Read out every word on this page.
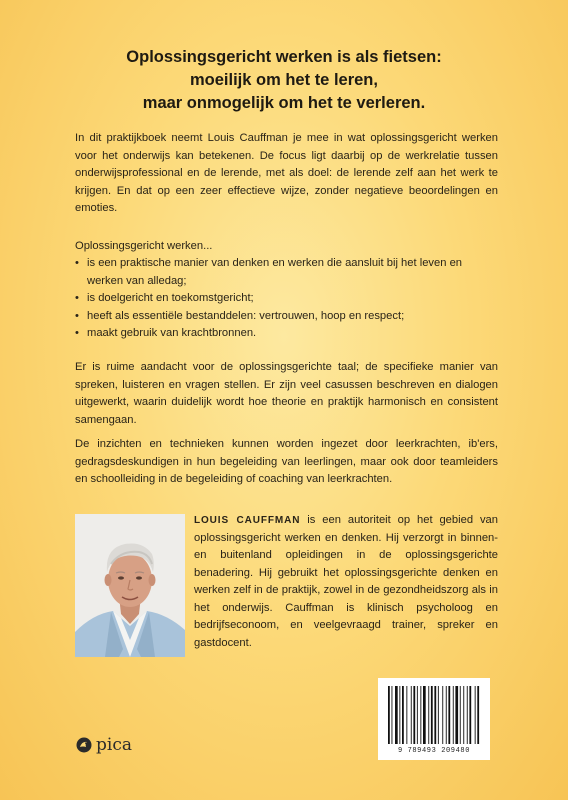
Oplossingsgericht werken is als fietsen:
moeilijk om het te leren,
maar onmogelijk om het te verleren.

In dit praktijkboek neemt Louis Cauffman je mee in wat oplossingsgericht werken voor het onderwijs kan betekenen. De focus ligt daarbij op de werkrelatie tussen onderwijsprofessional en de lerende, met als doel: de lerende zelf aan het werk te krijgen. En dat op een zeer effectieve wijze, zonder negatieve beoordelingen en emoties.

Oplossingsgericht werken...

• is een praktische manier van denken en werken die aansluit bij het leven en werken van alledag;
• is doelgericht en toekomstgericht;
• heeft als essentiële bestanddelen: vertrouwen, hoop en respect;
• maakt gebruik van krachtbronnen.

Er is ruime aandacht voor de oplossingsgerichte taal; de specifieke manier van spreken, luisteren en vragen stellen. Er zijn veel casussen beschreven en dialogen uitgewerkt, waarin duidelijk wordt hoe theorie en praktijk harmonisch en consistent samengaan.

De inzichten en technieken kunnen worden ingezet door leerkrachten, ib'ers, gedragsdeskundigen in hun begeleiding van leerlingen, maar ook door teamleiders en schoolleiding in de begeleiding of coaching van leerkrachten.

LOUIS CAUFFMAN is een autoriteit op het gebied van oplossingsgericht werken en denken. Hij verzorgt in binnen- en buitenland opleidingen in de oplossingsgerichte benadering. Hij gebruikt het oplossingsgerichte denken en werken zelf in de praktijk, zowel in de gezondheidszorg als in het onderwijs. Cauffman is klinisch psycholoog en bedrijfseconoom, en veelgevraagd trainer, spreker en gastdocent.

pica	9 789493 209480
